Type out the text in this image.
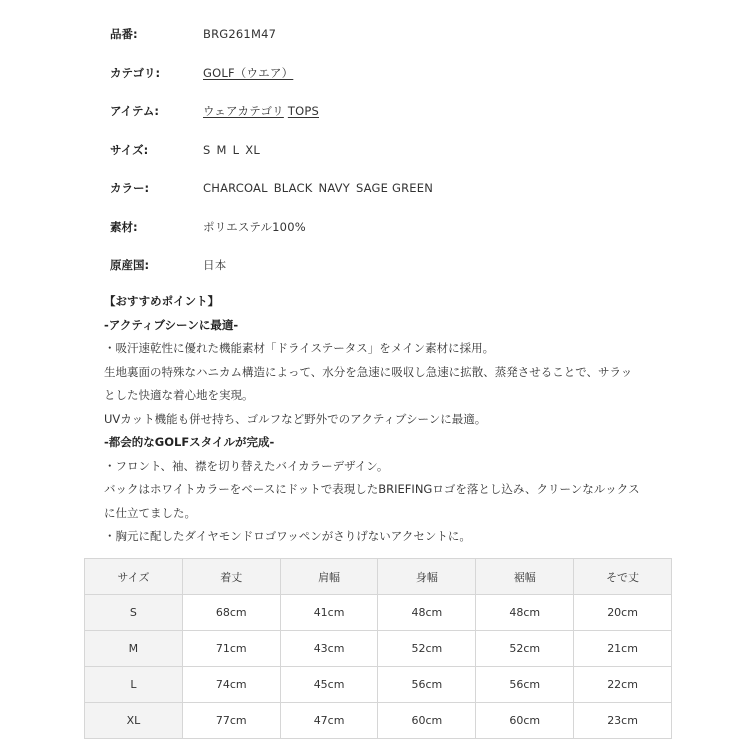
品番:	BRG261M47
カテゴリ:	GOLF（ウエア）
アイテム:	ウェアカテゴリ TOPS
サイズ:	S M L XL
カラー:	CHARCOAL BLACK NAVY SAGE GREEN
素材:	ポリエステル100%
原産国:	日本

【おすすめポイント】

-アクティブシーンに最適-

・吸汗速乾性に優れた機能素材「ドライステータス」をメイン素材に採用。

生地裏面の特殊なハニカム構造によって、水分を急速に吸収し急速に拡散、蒸発させることで、サラッ

とした快適な着心地を実現。

UVカット機能も併せ持ち、ゴルフなど野外でのアクティブシーンに最適。

-都会的なGOLFスタイルが完成-

・フロント、袖、襟を切り替えたバイカラーデザイン。

バックはホワイトカラーをベースにドットで表現したBRIEFINGロゴを落とし込み、クリーンなルックス

に仕立てました。

・胸元に配したダイヤモンドロゴワッペンがさりげないアクセントに。

サイズ	着丈	肩幅	身幅	裾幅	そで丈
S	68cm	41cm	48cm	48cm	20cm
M	71cm	43cm	52cm	52cm	21cm
L	74cm	45cm	56cm	56cm	22cm
XL	77cm	47cm	60cm	60cm	23cm
